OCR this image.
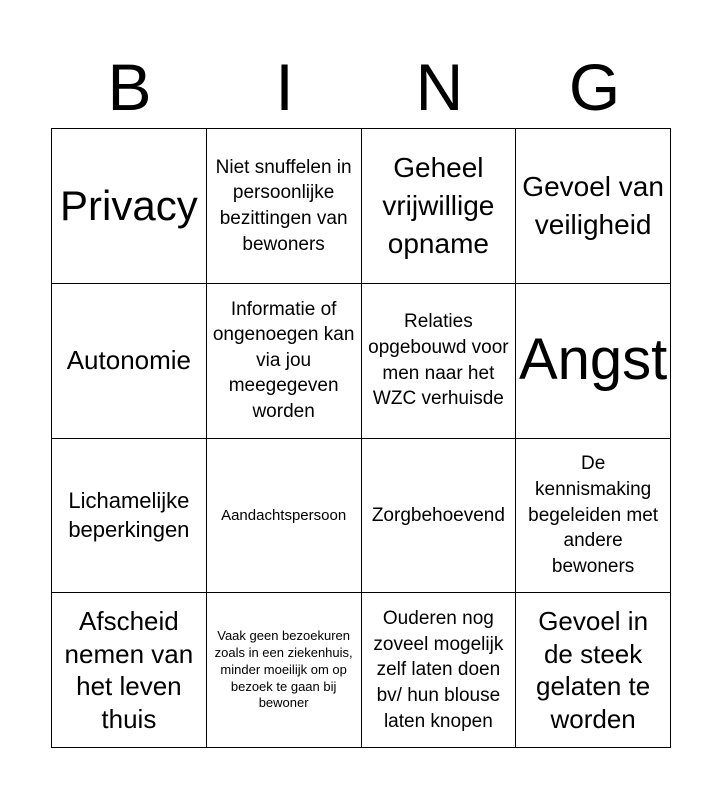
B	I	N	G
Privacy
Niet snuffelen in persoonlijke bezittingen van bewoners
Geheel vrijwillige opname
Gevoel van veiligheid
Autonomie
Informatie of ongenoegen kan via jou meegegeven worden
Relaties opgebouwd voor men naar het WZC verhuisde
Angst
Lichamelijke beperkingen
Aandachtspersoon Zorgbehoevend
De kennismaking begeleiden met andere bewoners
Afscheid nemen van het leven thuis
Vaak geen bezoekuren zoals in een ziekenhuis, minder moeilijk om op bezoek te gaan bij bewoner
Ouderen nog zoveel mogelijk zelf laten doen bv/ hun blouse laten knopen
Gevoel in de steek gelaten te worden
